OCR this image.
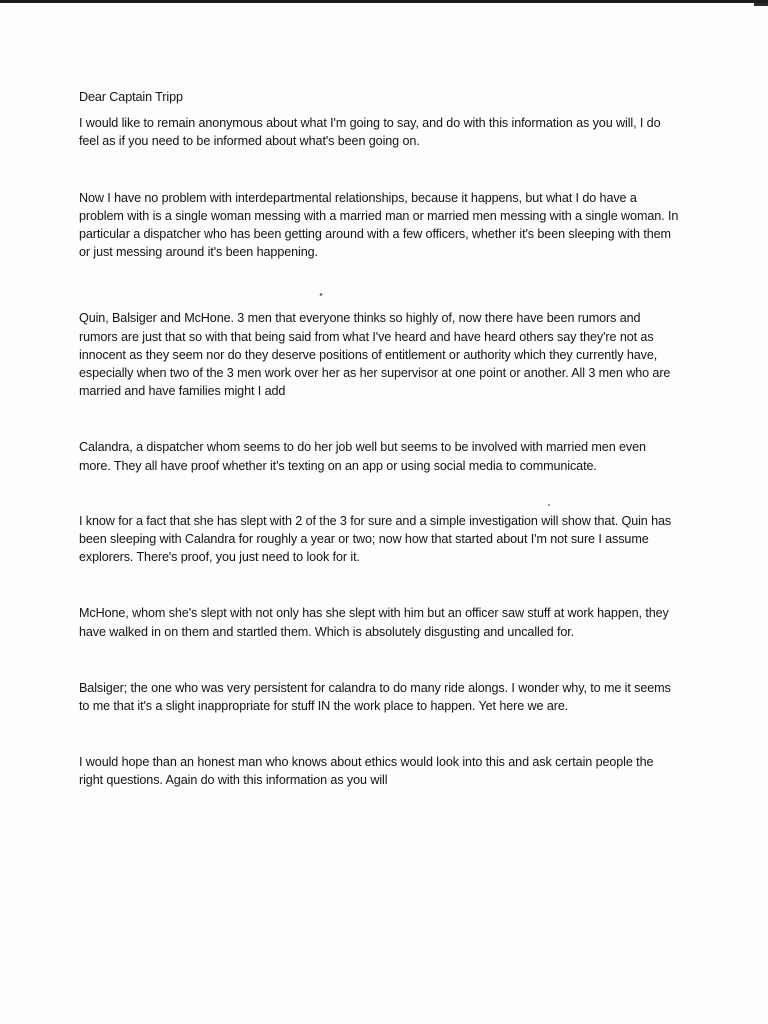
Dear Captain Tripp

I would like to remain anonymous about what I'm going to say, and do with this information as you will, I do feel as if you need to be informed about what's been going on.

Now I have no problem with interdepartmental relationships, because it happens, but what I do have a problem with is a single woman messing with a married man or married men messing with a single woman. In particular a dispatcher who has been getting around with a few officers, whether it's been sleeping with them or just messing around it's been happening.

Quin, Balsiger and McHone. 3 men that everyone thinks so highly of, now there have been rumors and rumors are just that so with that being said from what I've heard and have heard others say they're not as innocent as they seem nor do they deserve positions of entitlement or authority which they currently have, especially when two of the 3 men work over her as her supervisor at one point or another. All 3 men who are married and have families might I add

Calandra, a dispatcher whom seems to do her job well but seems to be involved with married men even more. They all have proof whether it's texting on an app or using social media to communicate.

I know for a fact that she has slept with 2 of the 3 for sure and a simple investigation will show that. Quin has been sleeping with Calandra for roughly a year or two; now how that started about I'm not sure I assume explorers. There's proof, you just need to look for it.

McHone, whom she's slept with not only has she slept with him but an officer saw stuff at work happen, they have walked in on them and startled them. Which is absolutely disgusting and uncalled for.

Balsiger; the one who was very persistent for calandra to do many ride alongs. I wonder why, to me it seems to me that it's a slight inappropriate for stuff IN the work place to happen. Yet here we are.

I would hope than an honest man who knows about ethics would look into this and ask certain people the right questions. Again do with this information as you will
